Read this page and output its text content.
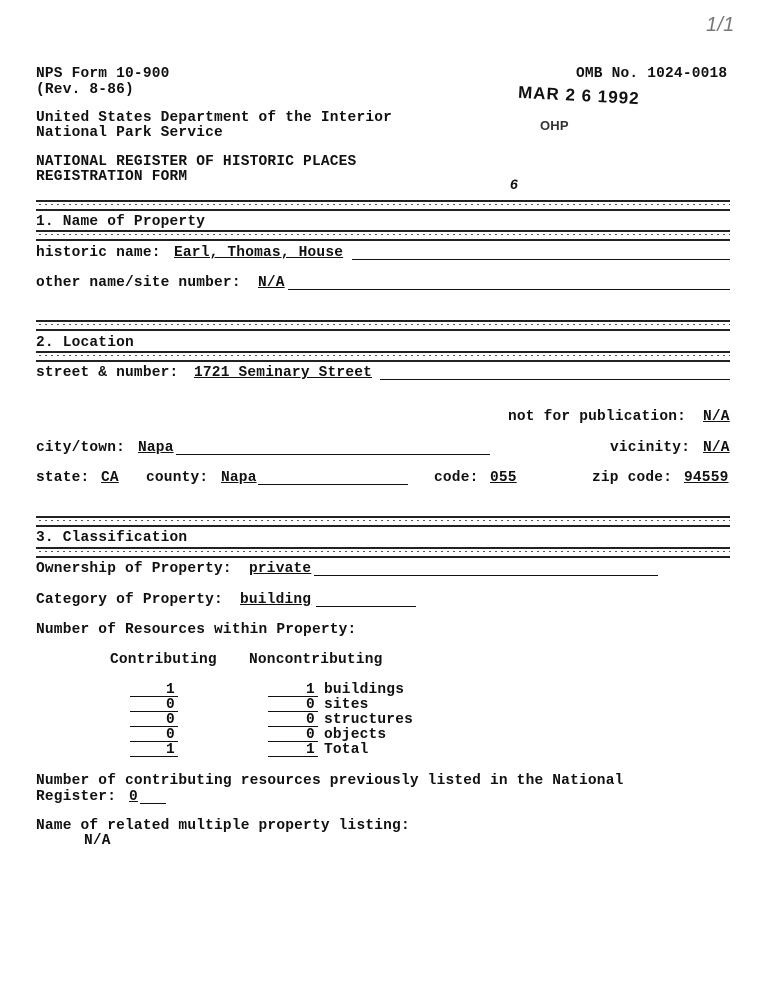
NPS Form 10-900
(Rev. 8-86)
OMB No. 1024-0018
United States Department of the Interior
National Park Service
NATIONAL REGISTER OF HISTORIC PLACES
REGISTRATION FORM
MAR 2 6 1992
OHP
6
1/1
1. Name of Property
historic name: Earl, Thomas, House
other name/site number: N/A
2. Location
street & number: 1721 Seminary Street
not for publication: N/A
city/town: Napa	vicinity: N/A
state: CA county: Napa	code: 055	zip code: 94559
3. Classification
Ownership of Property: private
Category of Property: building
Number of Resources within Property:
Contributing Noncontributing
1	1 buildings
0	0 sites
0	0 structures
0	0 objects
1	1 Total
Number of contributing resources previously listed in the National
Register: 0
Name of related multiple property listing:
N/A
